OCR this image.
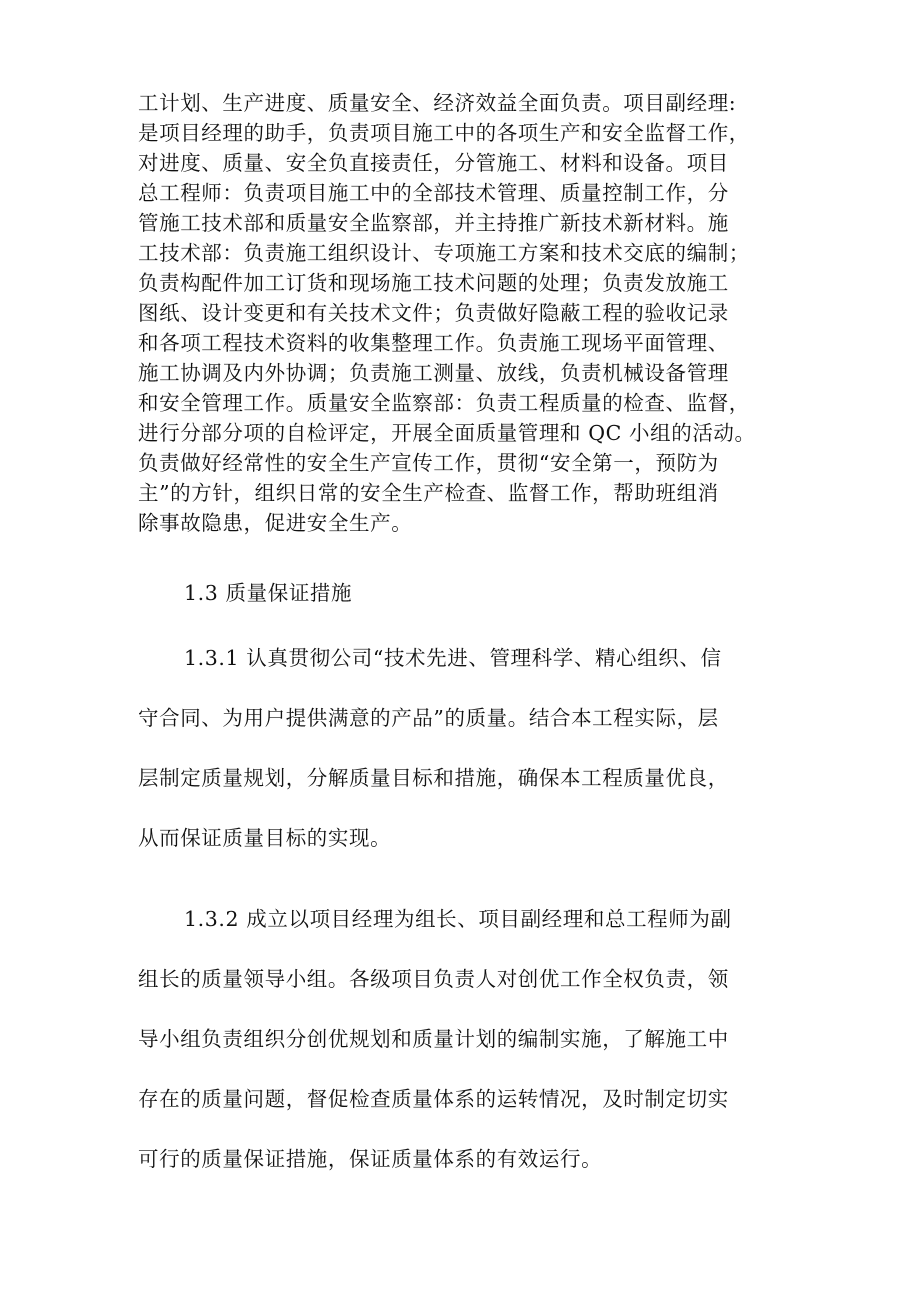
工计划、生产进度、质量安全、经济效益全面负责。项目副经理:
是项目经理的助手，负责项目施工中的各项生产和安全监督工作，
对进度、质量、安全负直接责任，分管施工、材料和设备。项目
总工程师：负责项目施工中的全部技术管理、质量控制工作，分
管施工技术部和质量安全监察部，并主持推广新技术新材料。施
工技术部：负责施工组织设计、专项施工方案和技术交底的编制；
负责构配件加工订货和现场施工技术问题的处理；负责发放施工
图纸、设计变更和有关技术文件；负责做好隐蔽工程的验收记录
和各项工程技术资料的收集整理工作。负责施工现场平面管理、
施工协调及内外协调；负责施工测量、放线，负责机械设备管理
和安全管理工作。质量安全监察部：负责工程质量的检查、监督，
进行分部分项的自检评定，开展全面质量管理和 QC 小组的活动。
负责做好经常性的安全生产宣传工作，贯彻“安全第一，预防为
主”的方针，组织日常的安全生产检查、监督工作，帮助班组消
除事故隐患，促进安全生产。
1.3 质量保证措施
1.3.1 认真贯彻公司“技术先进、管理科学、精心组织、信
守合同、为用户提供满意的产品”的质量。结合本工程实际，层
层制定质量规划，分解质量目标和措施，确保本工程质量优良，
从而保证质量目标的实现。
1.3.2 成立以项目经理为组长、项目副经理和总工程师为副
组长的质量领导小组。各级项目负责人对创优工作全权负责，领
导小组负责组织分创优规划和质量计划的编制实施，了解施工中
存在的质量问题，督促检查质量体系的运转情况，及时制定切实
可行的质量保证措施，保证质量体系的有效运行。
